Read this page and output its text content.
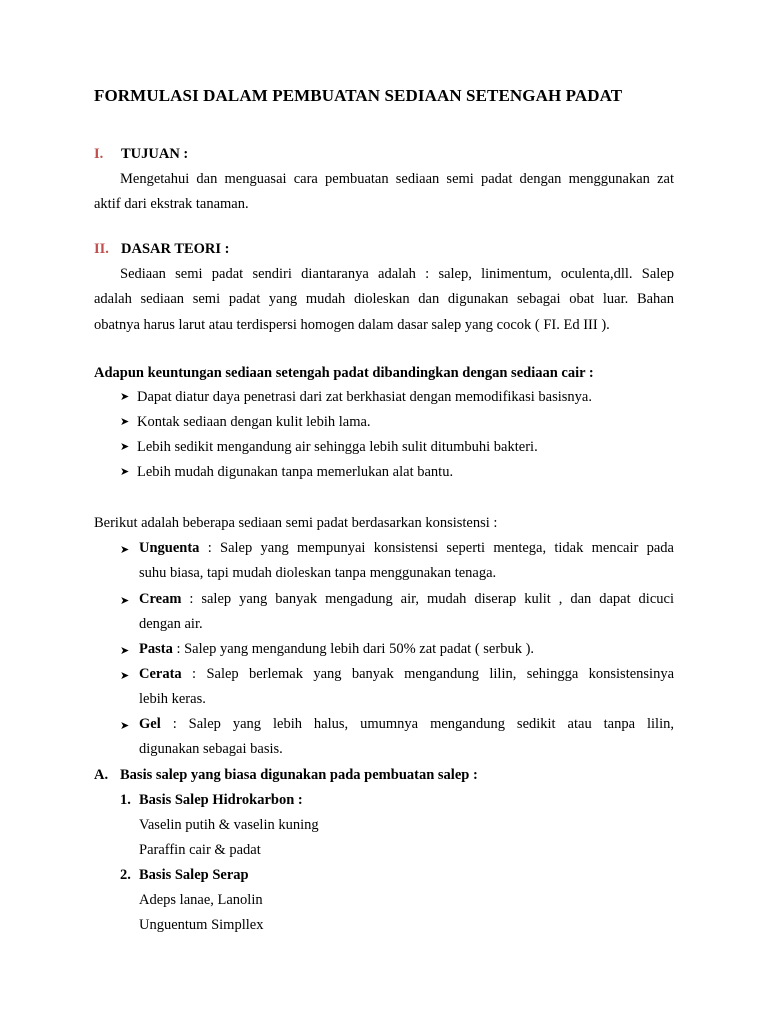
FORMULASI DALAM PEMBUATAN SEDIAAN SETENGAH PADAT
I. TUJUAN :
Mengetahui dan menguasai cara pembuatan sediaan semi padat dengan menggunakan zat
aktif dari ekstrak tanaman.
II. DASAR TEORI :
Sediaan semi padat sendiri diantaranya adalah : salep, linimentum, oculenta,dll. Salep
adalah sediaan semi padat yang mudah dioleskan dan digunakan sebagai obat luar. Bahan
obatnya harus larut atau terdispersi homogen dalam dasar salep yang cocok ( FI. Ed III ).
Adapun keuntungan sediaan setengah padat dibandingkan dengan sediaan cair :
➤ Dapat diatur daya penetrasi dari zat berkhasiat dengan memodifikasi basisnya.
➤ Kontak sediaan dengan kulit lebih lama.
➤ Lebih sedikit mengandung air sehingga lebih sulit ditumbuhi bakteri.
➤ Lebih mudah digunakan tanpa memerlukan alat bantu.
Berikut adalah beberapa sediaan semi padat berdasarkan konsistensi :
➤ Unguenta : Salep yang mempunyai konsistensi seperti mentega, tidak mencair pada
suhu biasa, tapi mudah dioleskan tanpa menggunakan tenaga.
➤ Cream : salep yang banyak mengadung air, mudah diserap kulit , dan dapat dicuci
dengan air.
➤ Pasta : Salep yang mengandung lebih dari 50% zat padat ( serbuk ).
➤ Cerata : Salep berlemak yang banyak mengandung lilin, sehingga konsistensinya
lebih keras.
➤ Gel : Salep yang lebih halus, umumnya mengandung sedikit atau tanpa lilin,
digunakan sebagai basis.
A. Basis salep yang biasa digunakan pada pembuatan salep :
1. Basis Salep Hidrokarbon :
Vaselin putih & vaselin kuning
Paraffin cair & padat
2. Basis Salep Serap
Adeps lanae, Lanolin
Unguentum Simpllex
